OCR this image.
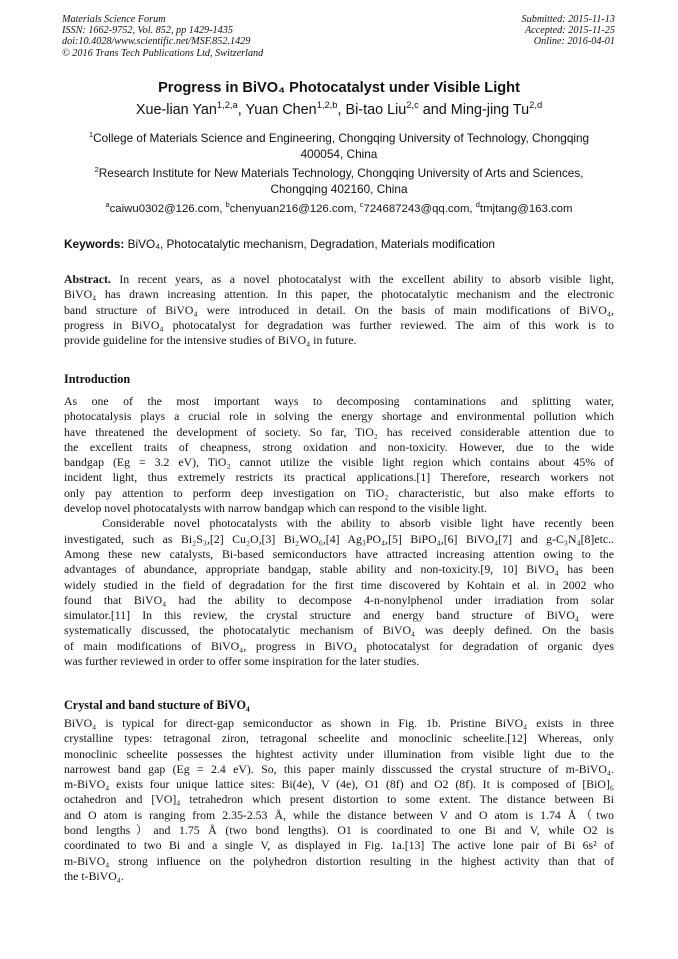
Materials Science Forum
ISSN: 1662-9752, Vol. 852, pp 1429-1435
doi:10.4028/www.scientific.net/MSF.852.1429
© 2016 Trans Tech Publications Ltd, Switzerland
Submitted: 2015-11-13
Accepted: 2015-11-25
Online: 2016-04-01
Progress in BiVO₄ Photocatalyst under Visible Light
Xue-lian Yan$^{1,2,a}$, Yuan Chen$^{1,2,b}$, Bi-tao Liu$^{2,c}$ and Ming-jing Tu$^{2,d}$
$^1$College of Materials Science and Engineering, Chongqing University of Technology, Chongqing
400054, China
$^2$Research Institute for New Materials Technology, Chongqing University of Arts and Sciences,
Chongqing 402160, China
$^a$caiwu0302@126.com, $^b$chenyuan216@126.com, $^c$724687243@qq.com, $^d$tmjtang@163.com
Keywords: BiVO₄, Photocatalytic mechanism, Degradation, Materials modification
Abstract. In recent years, as a novel photocatalyst with the excellent ability to absorb visible light,
BiVO₄ has drawn increasing attention. In this paper, the photocatalytic mechanism and the electronic
band structure of BiVO₄ were introduced in detail. On the basis of main modifications of BiVO₄,
progress in BiVO₄ photocatalyst for degradation was further reviewed. The aim of this work is to
provide guideline for the intensive studies of BiVO₄ in future.
Introduction
As one of the most important ways to decomposing contaminations and splitting water,
photocatalysis plays a crucial role in solving the energy shortage and environmental pollution which
have threatened the development of society. So far, TiO₂ has received considerable attention due to
the excellent traits of cheapness, strong oxidation and non-toxicity. However, due to the wide
bandgap (Eg = 3.2 eV), TiO₂ cannot utilize the visible light region which contains about 45% of
incident light, thus extremely restricts its practical applications.[1] Therefore, research workers not
only pay attention to perform deep investigation on TiO₂ characteristic, but also make efforts to
develop novel photocatalysts with narrow bandgap which can respond to the visible light.
Considerable novel photocatalysts with the ability to absorb visible light have recently been
investigated, such as Bi₂S₃,[2] Cu₂O,[3] Bi₂WO₆,[4] Ag₃PO₄,[5] BiPO₄,[6] BiVO₄[7] and g-C₃N₄[8]etc..
Among these new catalysts, Bi-based semiconductors have attracted increasing attention owing to the
advantages of abundance, appropriate bandgap, stable ability and non-toxicity.[9, 10] BiVO₄ has been
widely studied in the field of degradation for the first time discovered by Kohtain et al. in 2002 who
found that BiVO₄ had the ability to decompose 4-n-nonylphenol under irradiation from solar
simulator.[11] In this review, the crystal structure and energy band structure of BiVO₄ were
systematically discussed, the photocatalytic mechanism of BiVO₄ was deeply defined. On the basis
of main modifications of BiVO₄, progress in BiVO₄ photocatalyst for degradation of organic dyes
was further reviewed in order to offer some inspiration for the later studies.
Crystal and band stucture of BiVO₄
BiVO₄ is typical for direct-gap semiconductor as shown in Fig. 1b. Pristine BiVO₄ exists in three
crystalline types: tetragonal ziron, tetragonal scheelite and monoclinic scheelite.[12] Whereas, only
monoclinic scheelite possesses the hightest activity under illumination from visible light due to the
narrowest band gap (Eg = 2.4 eV). So, this paper mainly disscussed the crystal structure of m-BiVO₄.
m-BiVO₄ exists four unique lattice sites: Bi(4e), V (4e), O1 (8f) and O2 (8f). It is composed of [BiO]₆
octahedron and [VO]₄ tetrahedron which present distortion to some extent. The distance between Bi
and O atom is ranging from 2.35-2.53 Å, while the distance between V and O atom is 1.74 Å（two
bond lengths）and 1.75 Å (two bond lengths). O1 is coordinated to one Bi and V, while O2 is
coordinated to two Bi and a single V, as displayed in Fig. 1a.[13] The active lone pair of Bi 6s² of
m-BiVO₄ strong influence on the polyhedron distortion resulting in the highest activity than that of
the t-BiVO₄.
